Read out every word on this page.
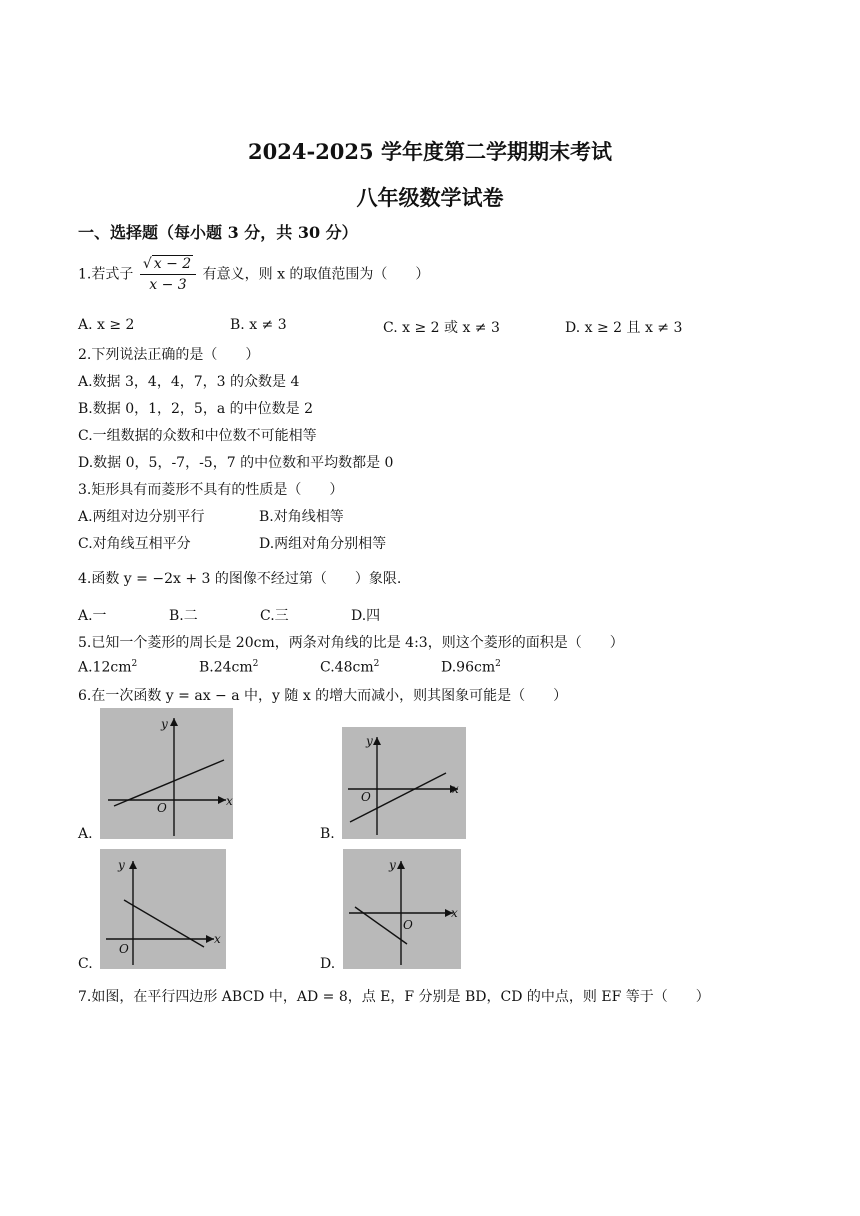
2024-2025 学年度第二学期期末考试
八年级数学试卷
一、选择题（每小题 3 分，共 30 分）
1.若式子 $\frac{√ x - 2}{x - 3}$ 有意义，则 x 的取值范围为（　　）
A. x ≥ 2	B. x ≠ 3	C. x ≥ 2 或 x ≠ 3	D. x ≥ 2 且 x ≠ 3
2.下列说法正确的是（　　）
A.数据 3，4，4，7，3 的众数是 4
B.数据 0，1，2，5，a 的中位数是 2
C.一组数据的众数和中位数不可能相等
D.数据 0，5，-7，-5，7 的中位数和平均数都是 0
3.矩形具有而菱形不具有的性质是（　　）
A.两组对边分别平行	B.对角线相等
C.对角线互相平分	D.两组对角分别相等
4.函数 y = −2x + 3 的图像不经过第（　　）象限.
A.一	B.二	C.三	D.四
5.已知一个菱形的周长是 20cm，两条对角线的比是 4:3，则这个菱形的面积是（　　）
$A.12cm^2$	$B.24cm^2$	$C.48cm^2$	$D.96cm^2$
6.在一次函数 y = ax − a 中，y 随 x 的增大而减小，则其图象可能是（　　）
A.	B.
C.	D.
x
y
O
x
y
O
x
y
O
x
y
O
7.如图，在平行四边形 ABCD 中，AD = 8，点 E，F 分别是 BD，CD 的中点，则 EF 等于（　　）
